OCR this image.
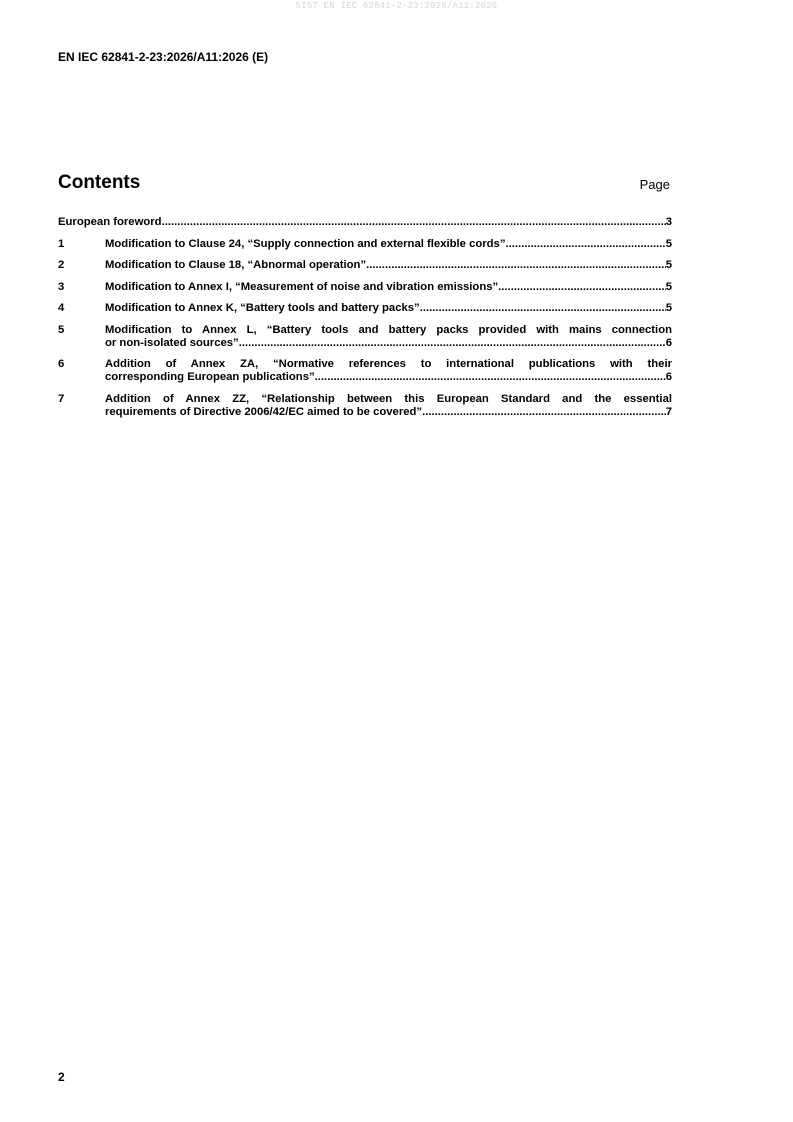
SIST EN IEC 62841-2-23:2026/A11:2026
EN IEC 62841-2-23:2026/A11:2026 (E)
Contents	Page
European foreword .....	3
1	Modification to Clause 24, “Supply connection and external flexible cords” .....	5
2	Modification to Clause 18, “Abnormal operation” .....	5
3	Modification to Annex I, “Measurement of noise and vibration emissions” .....	5
4	Modification to Annex K, “Battery tools and battery packs” .....	5
5	Modification to Annex L, “Battery tools and battery packs provided with mains connection
or non-isolated sources” .....	6
6	Addition of Annex ZA, “Normative references to international publications with their
corresponding European publications” .....	6
7	Addition of Annex ZZ, “Relationship between this European Standard and the essential
requirements of Directive 2006/42/EC aimed to be covered” .....	7
2
